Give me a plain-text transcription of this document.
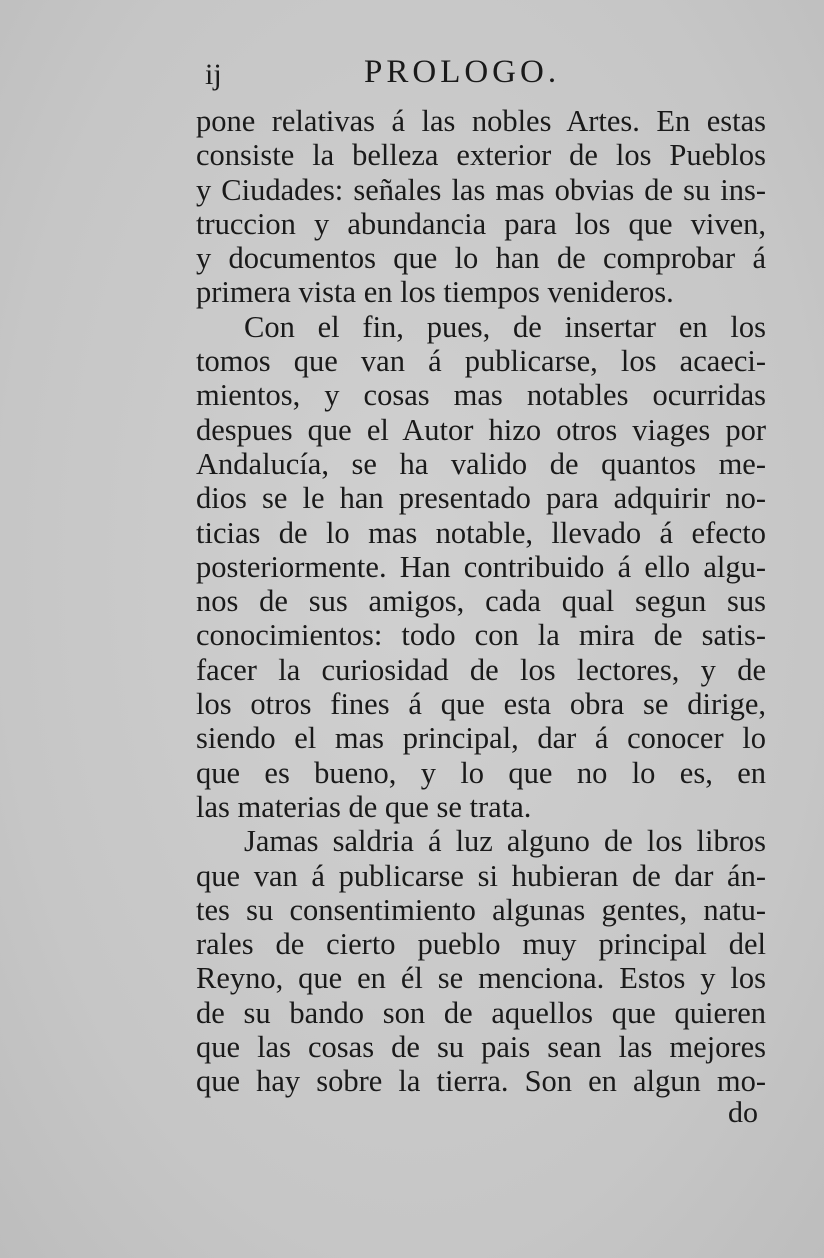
ij	PROLOGO.
pone relativas á las nobles Artes. En estas
consiste la belleza exterior de los Pueblos
y Ciudades: señales las mas obvias de su ins-
truccion y abundancia para los que viven,
y documentos que lo han de comprobar á
primera vista en los tiempos venideros.
Con el fin, pues, de insertar en los
tomos que van á publicarse, los acaeci-
mientos, y cosas mas notables ocurridas
despues que el Autor hizo otros viages por
Andalucía, se ha valido de quantos me-
dios se le han presentado para adquirir no-
ticias de lo mas notable, llevado á efecto
posteriormente. Han contribuido á ello algu-
nos de sus amigos, cada qual segun sus
conocimientos: todo con la mira de satis-
facer la curiosidad de los lectores, y de
los otros fines á que esta obra se dirige,
siendo el mas principal, dar á conocer lo
que es bueno, y lo que no lo es, en
las materias de que se trata.
Jamas saldria á luz alguno de los libros
que van á publicarse si hubieran de dar án-
tes su consentimiento algunas gentes, natu-
rales de cierto pueblo muy principal del
Reyno, que en él se menciona. Estos y los
de su bando son de aquellos que quieren
que las cosas de su pais sean las mejores
que hay sobre la tierra. Son en algun mo-
do
